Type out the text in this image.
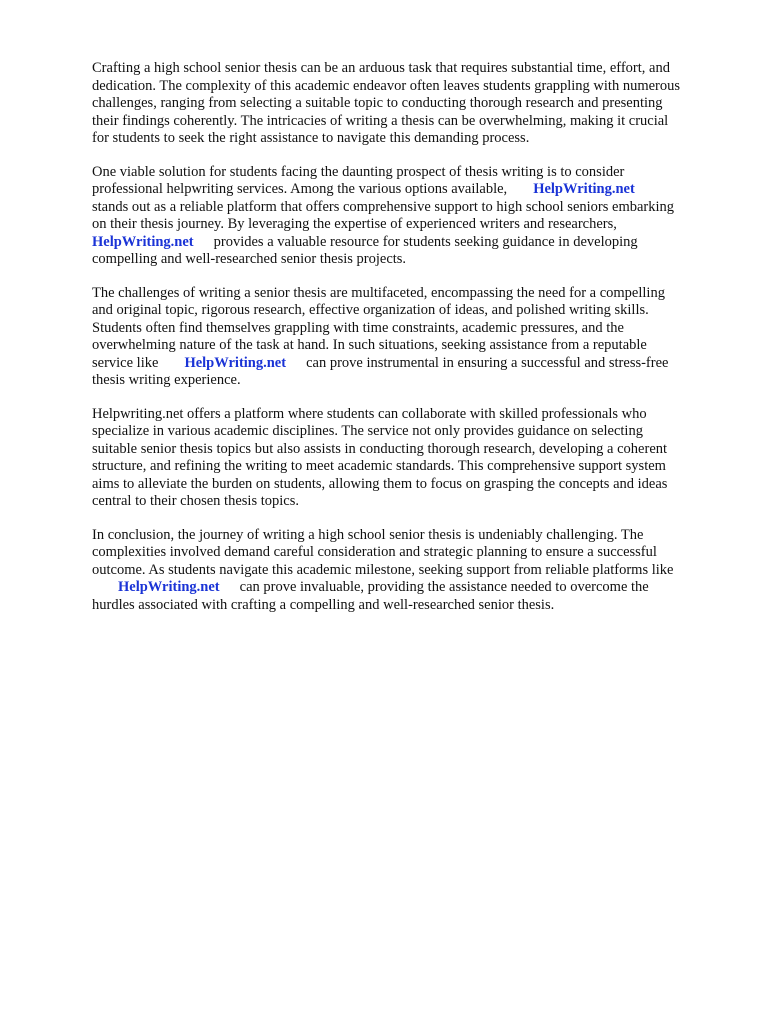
Crafting a high school senior thesis can be an arduous task that requires substantial time, effort, and
dedication. The complexity of this academic endeavor often leaves students grappling with numerous
challenges, ranging from selecting a suitable topic to conducting thorough research and presenting
their findings coherently. The intricacies of writing a thesis can be overwhelming, making it crucial
for students to seek the right assistance to navigate this demanding process.

One viable solution for students facing the daunting prospect of thesis writing is to consider
professional helpwriting services. Among the various options available, HelpWriting.net
stands out as a reliable platform that offers comprehensive support to high school seniors embarking
on their thesis journey. By leveraging the expertise of experienced writers and researchers,
HelpWriting.net provides a valuable resource for students seeking guidance in developing
compelling and well-researched senior thesis projects.

The challenges of writing a senior thesis are multifaceted, encompassing the need for a compelling
and original topic, rigorous research, effective organization of ideas, and polished writing skills.
Students often find themselves grappling with time constraints, academic pressures, and the
overwhelming nature of the task at hand. In such situations, seeking assistance from a reputable
service like HelpWriting.net can prove instrumental in ensuring a successful and stress-free
thesis writing experience.

Helpwriting.net offers a platform where students can collaborate with skilled professionals who
specialize in various academic disciplines. The service not only provides guidance on selecting
suitable senior thesis topics but also assists in conducting thorough research, developing a coherent
structure, and refining the writing to meet academic standards. This comprehensive support system
aims to alleviate the burden on students, allowing them to focus on grasping the concepts and ideas
central to their chosen thesis topics.

In conclusion, the journey of writing a high school senior thesis is undeniably challenging. The
complexities involved demand careful consideration and strategic planning to ensure a successful
outcome. As students navigate this academic milestone, seeking support from reliable platforms like
HelpWriting.net can prove invaluable, providing the assistance needed to overcome the
hurdles associated with crafting a compelling and well-researched senior thesis.
